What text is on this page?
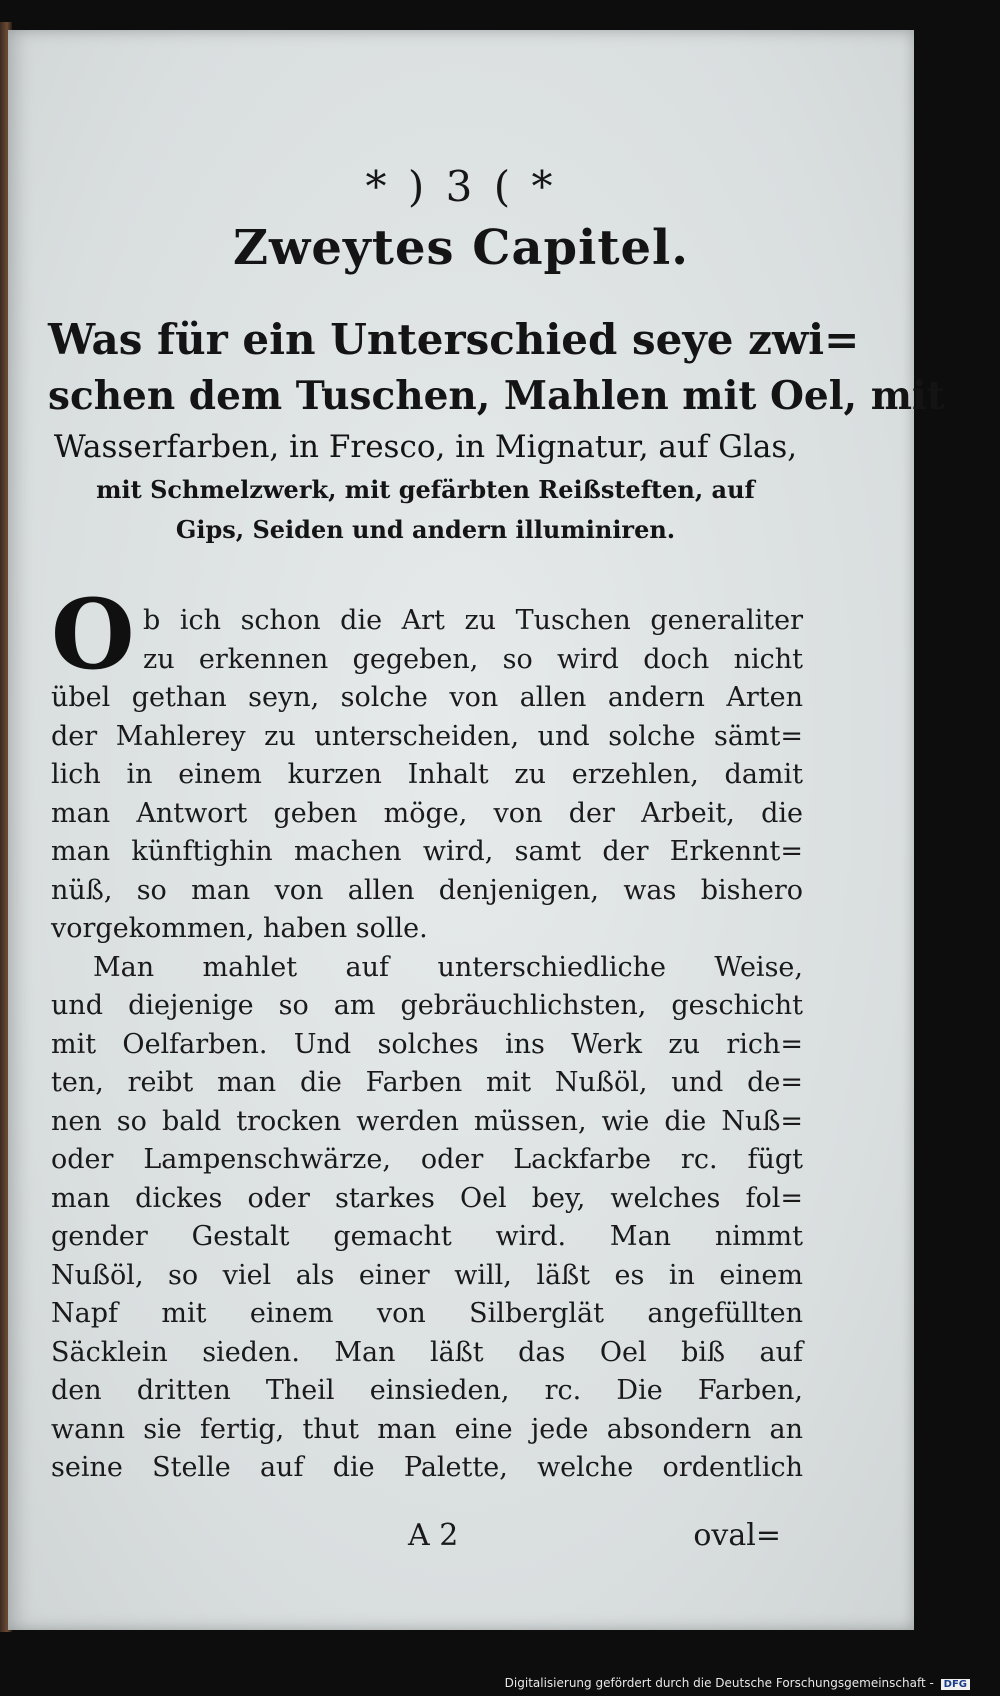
* ) 3 ( *
Zweytes Capitel.
Was für ein Unterschied seye zwi=
schen dem Tuschen, Mahlen mit Oel, mit
Wasserfarben, in Fresco, in Mignatur, auf Glas,
mit Schmelzwerk, mit gefärbten Reißsteften, auf
Gips, Seiden und andern illuminiren.
O b ich schon die Art zu Tuschen generaliter
zu erkennen gegeben, so wird doch nicht
übel gethan seyn, solche von allen andern Arten
der Mahlerey zu unterscheiden, und solche sämt=
lich in einem kurzen Inhalt zu erzehlen, damit
man Antwort geben möge, von der Arbeit, die
man künftighin machen wird, samt der Erkennt=
nüß, so man von allen denjenigen, was bishero
vorgekommen, haben solle.
Man mahlet auf unterschiedliche Weise,
und diejenige so am gebräuchlichsten, geschicht
mit Oelfarben. Und solches ins Werk zu rich=
ten, reibt man die Farben mit Nußöl, und de=
nen so bald trocken werden müssen, wie die Nuß=
oder Lampenschwärze, oder Lackfarbe rc. fügt
man dickes oder starkes Oel bey, welches fol=
gender Gestalt gemacht wird. Man nimmt
Nußöl, so viel als einer will, läßt es in einem
Napf mit einem von Silberglät angefüllten
Säcklein sieden. Man läßt das Oel biß auf
den dritten Theil einsieden, rc. Die Farben,
wann sie fertig, thut man eine jede absondern an
seine Stelle auf die Palette, welche ordentlich
A 2	oval=
Digitalisierung gefördert durch die Deutsche Forschungsgemeinschaft - DFG
